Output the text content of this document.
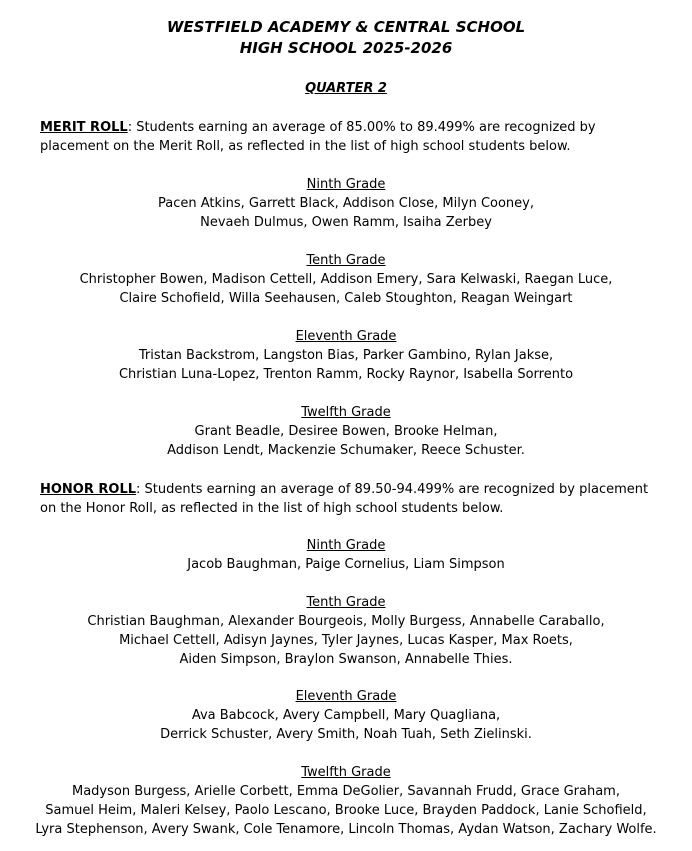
WESTFIELD ACADEMY & CENTRAL SCHOOL
HIGH SCHOOL 2025-2026
QUARTER 2

MERIT ROLL: Students earning an average of 85.00% to 89.499% are recognized by placement on the Merit Roll, as reflected in the list of high school students below.

Ninth Grade
Pacen Atkins, Garrett Black, Addison Close, Milyn Cooney,
Nevaeh Dulmus, Owen Ramm, Isaiha Zerbey
Tenth Grade
Christopher Bowen, Madison Cettell, Addison Emery, Sara Kelwaski, Raegan Luce,
Claire Schofield, Willa Seehausen, Caleb Stoughton, Reagan Weingart
Eleventh Grade
Tristan Backstrom, Langston Bias, Parker Gambino, Rylan Jakse,
Christian Luna-Lopez, Trenton Ramm, Rocky Raynor, Isabella Sorrento
Twelfth Grade
Grant Beadle, Desiree Bowen, Brooke Helman,
Addison Lendt, Mackenzie Schumaker, Reece Schuster.

HONOR ROLL: Students earning an average of 89.50-94.499% are recognized by placement on the Honor Roll, as reflected in the list of high school students below.

Ninth Grade
Jacob Baughman, Paige Cornelius, Liam Simpson
Tenth Grade
Christian Baughman, Alexander Bourgeois, Molly Burgess, Annabelle Caraballo,
Michael Cettell, Adisyn Jaynes, Tyler Jaynes, Lucas Kasper, Max Roets,
Aiden Simpson, Braylon Swanson, Annabelle Thies.
Eleventh Grade
Ava Babcock, Avery Campbell, Mary Quagliana,
Derrick Schuster, Avery Smith, Noah Tuah, Seth Zielinski.
Twelfth Grade
Madyson Burgess, Arielle Corbett, Emma DeGolier, Savannah Frudd, Grace Graham,
Samuel Heim, Maleri Kelsey, Paolo Lescano, Brooke Luce, Brayden Paddock, Lanie Schofield,
Lyra Stephenson, Avery Swank, Cole Tenamore, Lincoln Thomas, Aydan Watson, Zachary Wolfe.
